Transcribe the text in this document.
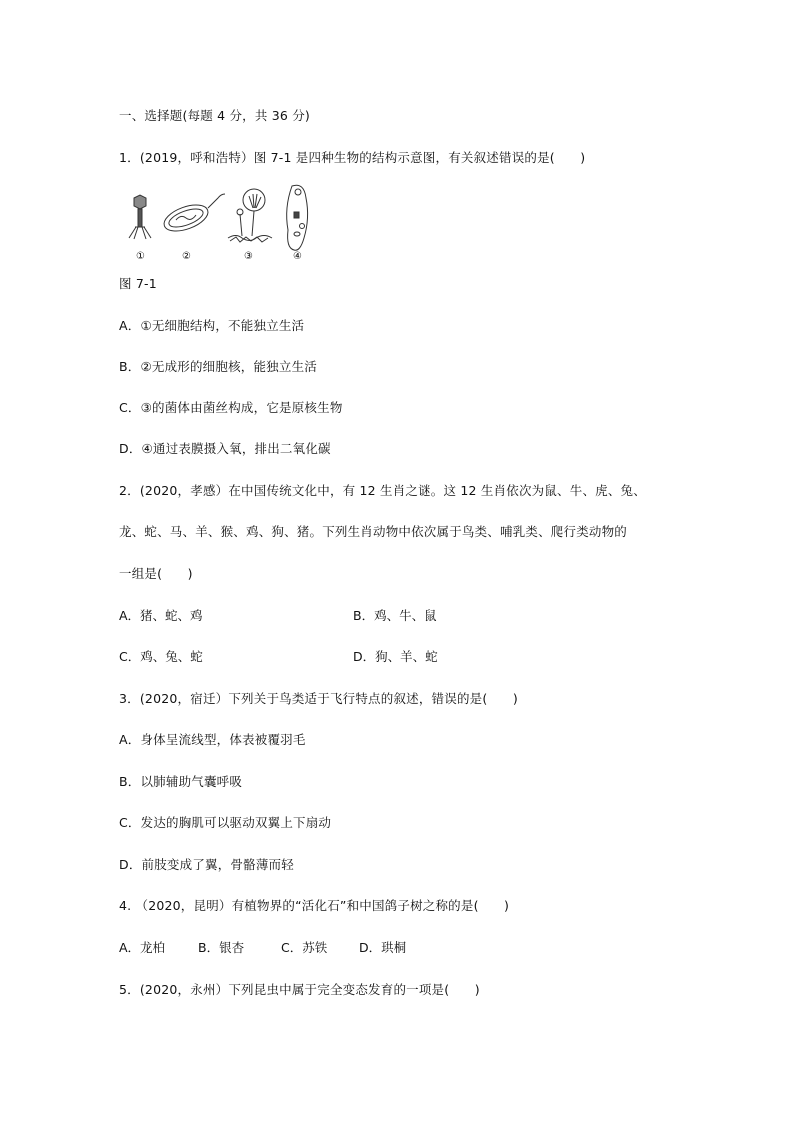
一、选择题(每题 4 分，共 36 分)
1．(2019，呼和浩特）图 7-1 是四种生物的结构示意图，有关叙述错误的是(　　)
①	②	③	④
图 7-1
A．①无细胞结构，不能独立生活
B．②无成形的细胞核，能独立生活
C．③的菌体由菌丝构成，它是原核生物
D．④通过表膜摄入氧，排出二氧化碳
2．(2020，孝感）在中国传统文化中，有 12 生肖之谜。这 12 生肖依次为鼠、牛、虎、兔、
龙、蛇、马、羊、猴、鸡、狗、猪。下列生肖动物中依次属于鸟类、哺乳类、爬行类动物的
一组是(　　)
A．猪、蛇、鸡	B．鸡、牛、鼠
C．鸡、兔、蛇	D．狗、羊、蛇
3．(2020，宿迁）下列关于鸟类适于飞行特点的叙述，错误的是(　　)
A．身体呈流线型，体表被覆羽毛
B．以肺辅助气囊呼吸
C．发达的胸肌可以驱动双翼上下扇动
D．前肢变成了翼，骨骼薄而轻
4. （2020，昆明）有植物界的“活化石”和中国鸽子树之称的是(　　)
A．龙柏	B．银杏	C．苏铁	D．珙桐
5．(2020，永州）下列昆虫中属于完全变态发育的一项是(　　)
